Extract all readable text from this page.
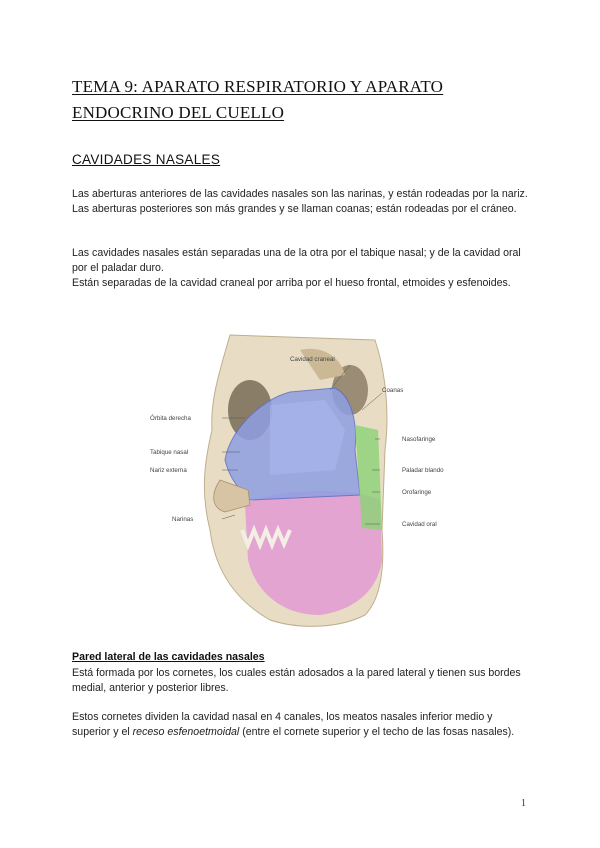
TEMA 9: APARATO RESPIRATORIO Y APARATO ENDOCRINO DEL CUELLO
CAVIDADES NASALES

Las aberturas anteriores de las cavidades nasales son las narinas, y están rodeadas por la nariz. Las aberturas posteriores son más grandes y se llaman coanas; están rodeadas por el cráneo.

Las cavidades nasales están separadas una de la otra por el tabique nasal; y de la cavidad oral por el paladar duro.

Están separadas de la cavidad craneal por arriba por el hueso frontal, etmoides y esfenoides.

Cavidad craneal
Coanas
Órbita derecha
Nasofaringe
Tabique nasal
Paladar blando
Nariz externa
Orofaringe
Narinas
Cavidad oral
Pared lateral de las cavidades nasales

Está formada por los cornetes, los cuales están adosados a la pared lateral y tienen sus bordes medial, anterior y posterior libres.

Estos cornetes dividen la cavidad nasal en 4 canales, los meatos nasales inferior medio y superior y el receso esfenoetmoidal (entre el cornete superior y el techo de las fosas nasales).

1
